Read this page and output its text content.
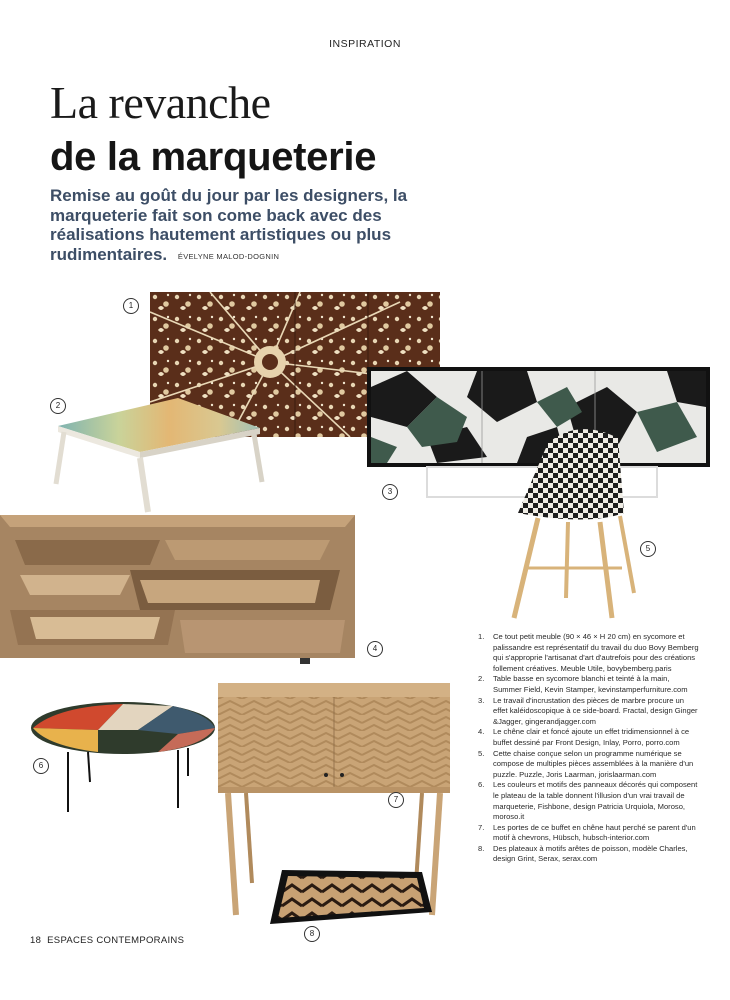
INSPIRATION
La revanche
de la marqueterie
Remise au goût du jour par les designers, la marqueterie fait son come back avec des réalisations hautement artistiques ou plus rudimentaires. ÉVELYNE MALOD-DOGNIN
1
2
3
4
5
6
7
8
1. Ce tout petit meuble (90 × 46 × H 20 cm) en sycomore et palissandre est représentatif du travail du duo Bovy Bemberg qui s'approprie l'artisanat d'art d'autrefois pour des créations follement créatives. Meuble Utile, bovybemberg.paris
2. Table basse en sycomore blanchi et teinté à la main, Summer Field, Kevin Stamper, kevinstamperfurniture.com
3. Le travail d'incrustation des pièces de marbre procure un effet kaléidoscopique à ce side-board. Fractal, design Ginger &Jagger, gingerandjagger.com
4. Le chêne clair et foncé ajoute un effet tridimensionnel à ce buffet dessiné par Front Design, Inlay, Porro, porro.com
5. Cette chaise conçue selon un programme numérique se compose de multiples pièces assemblées à la manière d'un puzzle. Puzzle, Joris Laarman, jorislaarman.com
6. Les couleurs et motifs des panneaux décorés qui composent le plateau de la table donnent l'illusion d'un vrai travail de marqueterie, Fishbone, design Patricia Urquiola, Moroso, moroso.it
7. Les portes de ce buffet en chêne haut perché se parent d'un motif à chevrons, Hübsch, hubsch-interior.com
8. Des plateaux à motifs arêtes de poisson, modèle Charles, design Grint, Serax, serax.com
18 ESPACES CONTEMPORAINS
